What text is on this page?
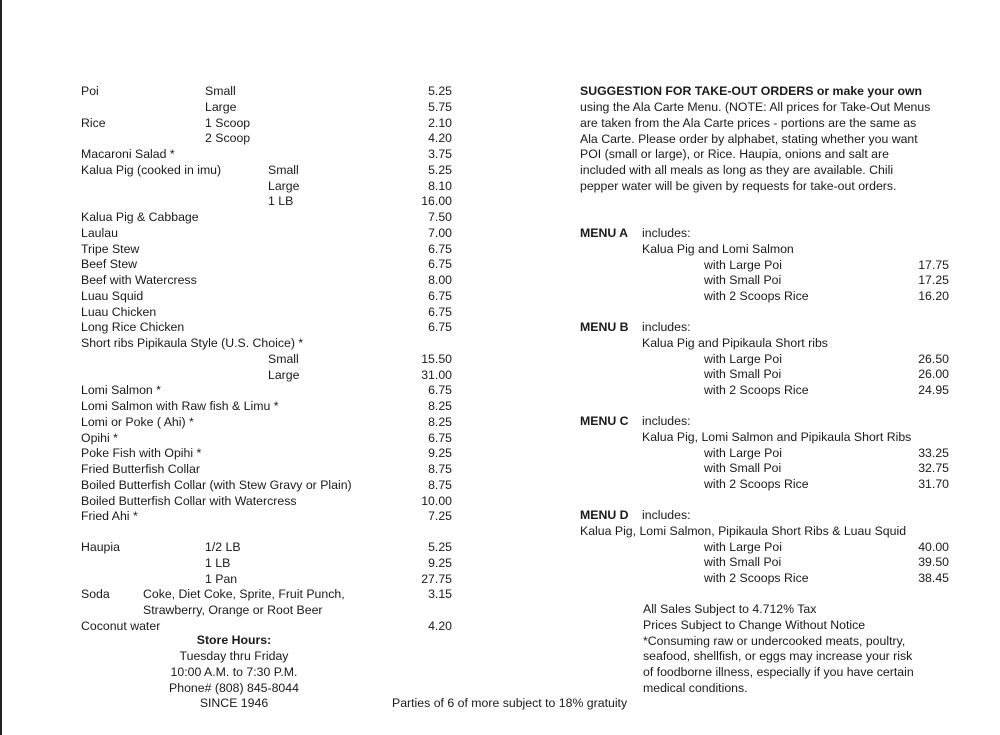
Poi	Small	5.25
Large	5.75
Rice	1 Scoop	2.10
2 Scoop	4.20
Macaroni Salad *	3.75
Kalua Pig (cooked in imu)	Small	5.25
Large	8.10
1 LB	16.00
Kalua Pig & Cabbage	7.50
Laulau	7.00
Tripe Stew	6.75
Beef Stew	6.75
Beef with Watercress	8.00
Luau Squid	6.75
Luau Chicken	6.75
Long Rice Chicken	6.75
Short ribs Pipikaula Style (U.S. Choice) *
Small	15.50
Large	31.00
Lomi Salmon *	6.75
Lomi Salmon with Raw fish & Limu *	8.25
Lomi or Poke ( Ahi) *	8.25
Opihi *	6.75
Poke Fish with Opihi *	9.25
Fried Butterfish Collar	8.75
Boiled Butterfish Collar (with Stew Gravy or Plain)	8.75
Boiled Butterfish Collar with Watercress	10.00
Fried Ahi *	7.25
Haupia	1/2 LB	5.25
1 LB	9.25
1 Pan	27.75
Soda	Coke, Diet Coke, Sprite, Fruit Punch,	3.15
Strawberry, Orange or Root Beer
Coconut water	4.20
Store Hours:
Tuesday thru Friday
10:00 A.M. to 7:30 P.M.
Phone# (808) 845-8044
SINCE 1946	Parties of 6 of more subject to 18% gratuity
SUGGESTION FOR TAKE-OUT ORDERS or make your own
using the Ala Carte Menu. (NOTE: All prices for Take-Out Menus
are taken from the Ala Carte prices - portions are the same as
Ala Carte. Please order by alphabet, stating whether you want
POI (small or large), or Rice. Haupia, onions and salt are
included with all meals as long as they are available. Chili
pepper water will be given by requests for take-out orders.
MENU A includes:
Kalua Pig and Lomi Salmon
with Large Poi	17.75
with Small Poi	17.25
with 2 Scoops Rice	16.20
MENU B includes:
Kalua Pig and Pipikaula Short ribs
with Large Poi	26.50
with Small Poi	26.00
with 2 Scoops Rice	24.95
MENU C includes:
Kalua Pig, Lomi Salmon and Pipikaula Short Ribs
with Large Poi	33.25
with Small Poi	32.75
with 2 Scoops Rice	31.70
MENU D includes:
Kalua Pig, Lomi Salmon, Pipikaula Short Ribs & Luau Squid
with Large Poi	40.00
with Small Poi	39.50
with 2 Scoops Rice	38.45
All Sales Subject to 4.712% Tax
Prices Subject to Change Without Notice
*Consuming raw or undercooked meats, poultry,
seafood, shellfish, or eggs may increase your risk
of foodborne illness, especially if you have certain
medical conditions.
